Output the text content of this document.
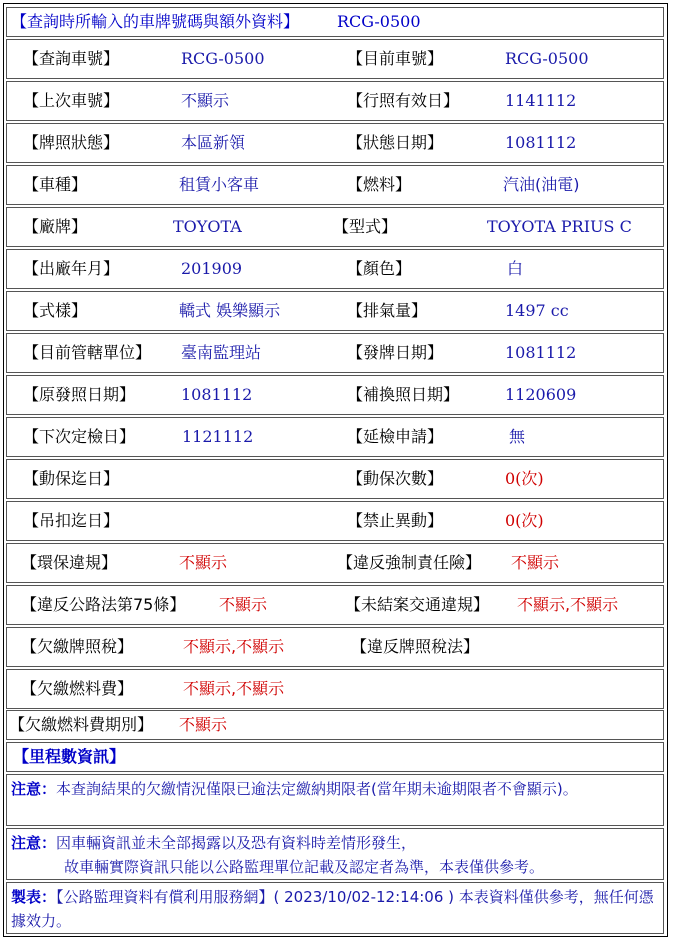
【查詢時所輸入的車牌號碼與額外資料】 RCG-0500
【查詢車號】	RCG-0500	【目前車號】	RCG-0500
【上次車號】	不顯示	【行照有效日】	1141112
【牌照狀態】	本區新領	【狀態日期】	1081112
【車種】	租賃小客車	【燃料】	汽油(油電)
【廠牌】	TOYOTA	【型式】	TOYOTA PRIUS C
【出廠年月】	201909	【顏色】	白
【式樣】	轎式 娛樂顯示	【排氣量】	1497 cc
【目前管轄單位】 臺南監理站	【發牌日期】	1081112
【原發照日期】	1081112	【補換照日期】	1120609
【下次定檢日】	1121112	【延檢申請】	無
【動保迄日】	【動保次數】	0(次)
【吊扣迄日】	【禁止異動】	0(次)
【環保違規】	不顯示	【違反強制責任險】 不顯示
【違反公路法第75條】 不顯示	【未結案交通違規】 不顯示,不顯示
【欠繳牌照稅】	不顯示,不顯示	【違反牌照稅法】
【欠繳燃料費】	不顯示,不顯示
【欠繳燃料費期別】 不顯示
【里程數資訊】
注意：本查詢結果的欠繳情況僅限已逾法定繳納期限者(當年期未逾期限者不會顯示)。
注意：因車輛資訊並未全部揭露以及恐有資料時差情形發生，
故車輛實際資訊只能以公路監理單位記載及認定者為準，本表僅供參考。
製表：【公路監理資料有償利用服務網】( 2023/10/02-12:14:06 ) 本表資料僅供參考，無任何憑據效力。
